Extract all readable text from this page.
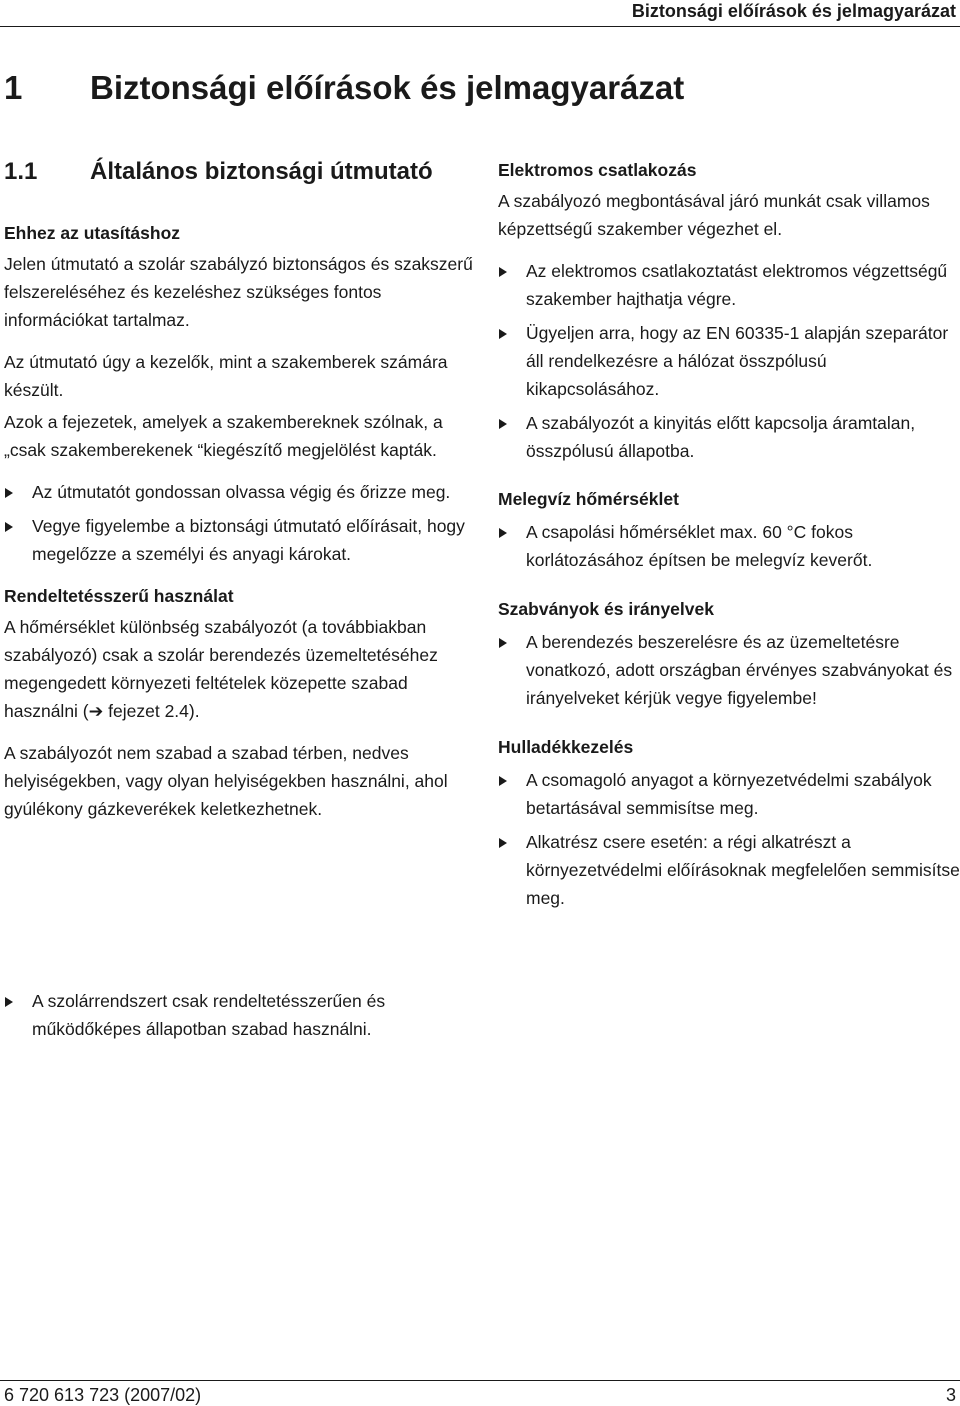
Biztonsági előírások és jelmagyarázat
1 Biztonsági előírások és jelmagyarázat
1.1 Általános biztonsági útmutató
Ehhez az utasításhoz

Jelen útmutató a szolár szabályzó biztonságos és szakszerű felszereléséhez és kezeléshez szükséges fontos információkat tartalmaz.

Az útmutató úgy a kezelők, mint a szakemberek számára készült.

Azok a fejezetek, amelyek a szakembereknek szólnak, a „csak szakemberekenek “kiegészítő megjelölést kapták.

Az útmutatót gondossan olvassa végig és őrizze meg.
Vegye figyelembe a biztonsági útmutató előírásait, hogy megelőzze a személyi és anyagi károkat.
Rendeltetésszerű használat

A hőmérséklet különbség szabályozót (a továbbiakban szabályozó) csak a szolár berendezés üzemeltetéséhez megengedett környezeti feltételek közepette szabad használni (➔ fejezet 2.4).

A szabályozót nem szabad a szabad térben, nedves helyiségekben, vagy olyan helyiségekben használni, ahol gyúlékony gázkeverékek keletkezhetnek.

A szolárrendszert csak rendeltetésszerűen és működőképes állapotban szabad használni.
Elektromos csatlakozás

A szabályozó megbontásával járó munkát csak villamos képzettségű szakember végezhet el.

Az elektromos csatlakoztatást elektromos végzettségű szakember hajthatja végre.
Ügyeljen arra, hogy az EN 60335-1 alapján szeparátor áll rendelkezésre a hálózat összpólusú kikapcsolásához.
A szabályozót a kinyitás előtt kapcsolja áramtalan, összpólusú állapotba.
Melegvíz hőmérséklet
A csapolási hőmérséklet max. 60 °C fokos korlátozásához építsen be melegvíz keverőt.
Szabványok és irányelvek
A berendezés beszerelésre és az üzemeltetésre vonatkozó, adott országban érvényes szabványokat és irányelveket kérjük vegye figyelembe!
Hulladékkezelés
A csomagoló anyagot a környezetvédelmi szabályok betartásával semmisítse meg.
Alkatrész csere esetén: a régi alkatrészt a környezetvédelmi előírásoknak megfelelően semmisítse meg.
6 720 613 723 (2007/02)	3
